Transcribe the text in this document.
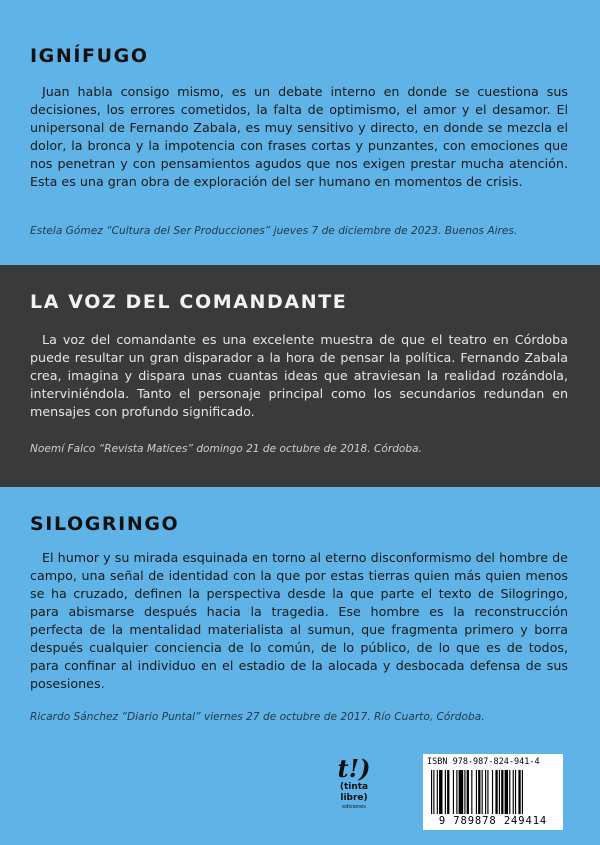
IGNÍFUGO

Juan habla consigo mismo, es un debate interno en donde se cuestiona sus decisiones, los errores cometidos, la falta de optimismo, el amor y el desamor. El unipersonal de Fernando Zabala, es muy sensitivo y directo, en donde se mezcla el dolor, la bronca y la impotencia con frases cortas y punzantes, con emociones que nos penetran y con pensamientos agudos que nos exigen prestar mucha atención. Esta es una gran obra de exploración del ser humano en momentos de crisis.

Estela Gómez “Cultura del Ser Producciones” jueves 7 de diciembre de 2023. Buenos Aires.

LA VOZ DEL COMANDANTE

La voz del comandante es una excelente muestra de que el teatro en Córdoba puede resultar un gran disparador a la hora de pensar la política. Fernando Zabala crea, imagina y dispara unas cuantas ideas que atraviesan la realidad rozándola, interviniéndola. Tanto el personaje principal como los secundarios redundan en mensajes con profundo significado.

Noemí Falco “Revista Matices” domingo 21 de octubre de 2018. Córdoba.

SILOGRINGO

El humor y su mirada esquinada en torno al eterno disconformismo del hombre de campo, una señal de identidad con la que por estas tierras quien más quien menos se ha cruzado, definen la perspectiva desde la que parte el texto de Silogringo, para abismarse después hacia la tragedia. Ese hombre es la reconstrucción perfecta de la mentalidad materialista al sumun, que fragmenta primero y borra después cualquier conciencia de lo común, de lo público, de lo que es de todos, para confinar al individuo en el estadio de la alocada y desbocada defensa de sus posesiones.

Ricardo Sánchez “Diario Puntal” viernes 27 de octubre de 2017. Río Cuarto, Córdoba.

t!)
(tinta libre)
ediciones
ISBN 978-987-824-941-4
9 789878 249414
